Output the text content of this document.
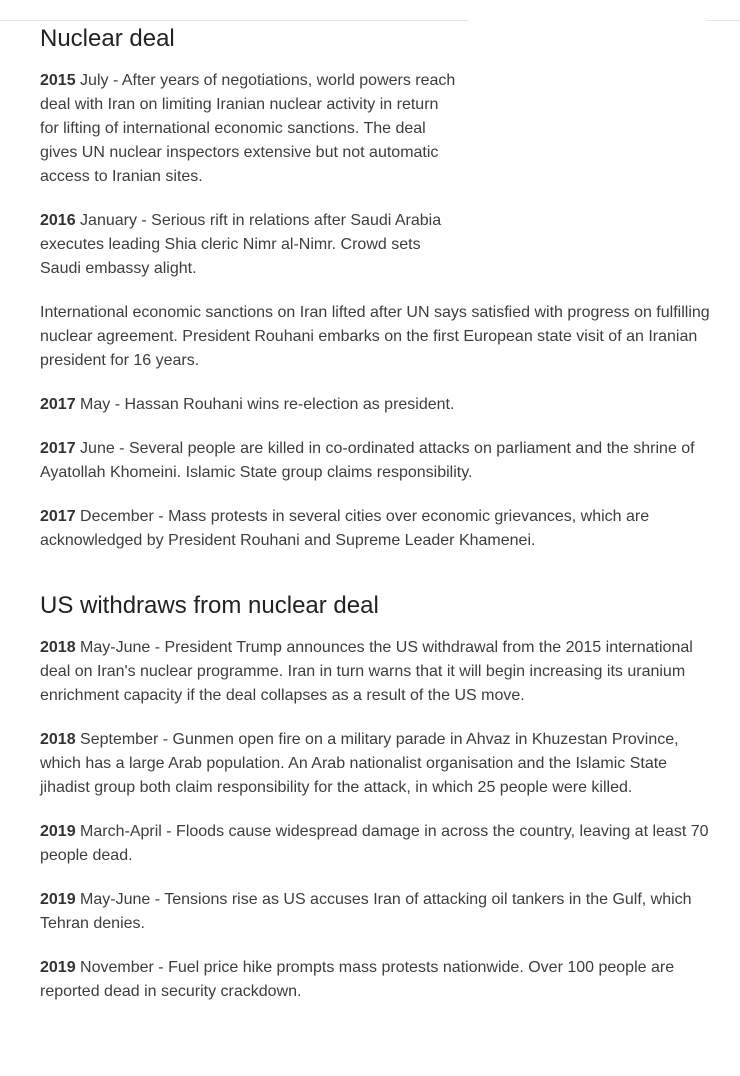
Nuclear deal

2015 July - After years of negotiations, world powers reach deal with Iran on limiting Iranian nuclear activity in return for lifting of international economic sanctions. The deal gives UN nuclear inspectors extensive but not automatic access to Iranian sites.

2016 January - Serious rift in relations after Saudi Arabia executes leading Shia cleric Nimr al-Nimr. Crowd sets Saudi embassy alight.

International economic sanctions on Iran lifted after UN says satisfied with progress on fulfilling nuclear agreement. President Rouhani embarks on the first European state visit of an Iranian president for 16 years.

2017 May - Hassan Rouhani wins re-election as president.

2017 June - Several people are killed in co-ordinated attacks on parliament and the shrine of Ayatollah Khomeini. Islamic State group claims responsibility.

2017 December - Mass protests in several cities over economic grievances, which are acknowledged by President Rouhani and Supreme Leader Khamenei.

US withdraws from nuclear deal

2018 May-June - President Trump announces the US withdrawal from the 2015 international deal on Iran's nuclear programme. Iran in turn warns that it will begin increasing its uranium enrichment capacity if the deal collapses as a result of the US move.

2018 September - Gunmen open fire on a military parade in Ahvaz in Khuzestan Province, which has a large Arab population. An Arab nationalist organisation and the Islamic State jihadist group both claim responsibility for the attack, in which 25 people were killed.

2019 March-April - Floods cause widespread damage in across the country, leaving at least 70 people dead.

2019 May-June - Tensions rise as US accuses Iran of attacking oil tankers in the Gulf, which Tehran denies.

2019 November - Fuel price hike prompts mass protests nationwide. Over 100 people are reported dead in security crackdown.
